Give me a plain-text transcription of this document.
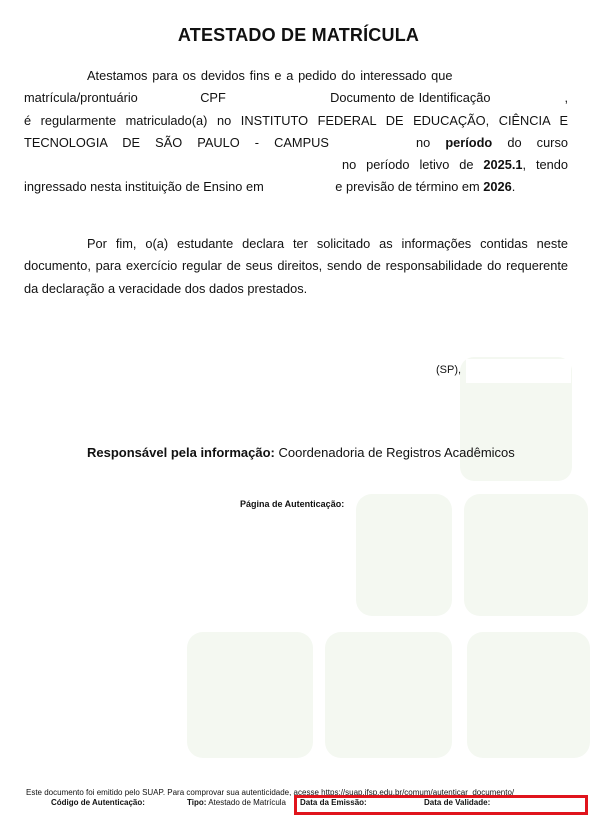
ATESTADO DE MATRÍCULA
Atestamos para os devidos fins e a pedido do interessado que  matrícula/prontuário	CPF	Documento de Identificação	, é regularmente matriculado(a) no INSTITUTO FEDERAL DE EDUCAÇÃO, CIÊNCIA E TECNOLOGIA DE SÃO PAULO - CAMPUS	no período do cursono período letivo de 2025.1, tendo ingressado nesta instituição de Ensino em	e previsão de término em 2026.
Por fim, o(a) estudante declara ter solicitado as informações contidas neste documento, para exercício regular de seus direitos, sendo de responsabilidade do requerente da declaração a veracidade dos dados prestados.
(SP),
Responsável pela informação: Coordenadoria de Registros Acadêmicos
Página de Autenticação:
Este documento foi emitido pelo SUAP. Para comprovar sua autenticidade, acesse https://suap.ifsp.edu.br/comum/autenticar_documento/
Código de Autenticação:	Tipo: Atestado de Matrícula Data da Emissão:	Data de Validade:
